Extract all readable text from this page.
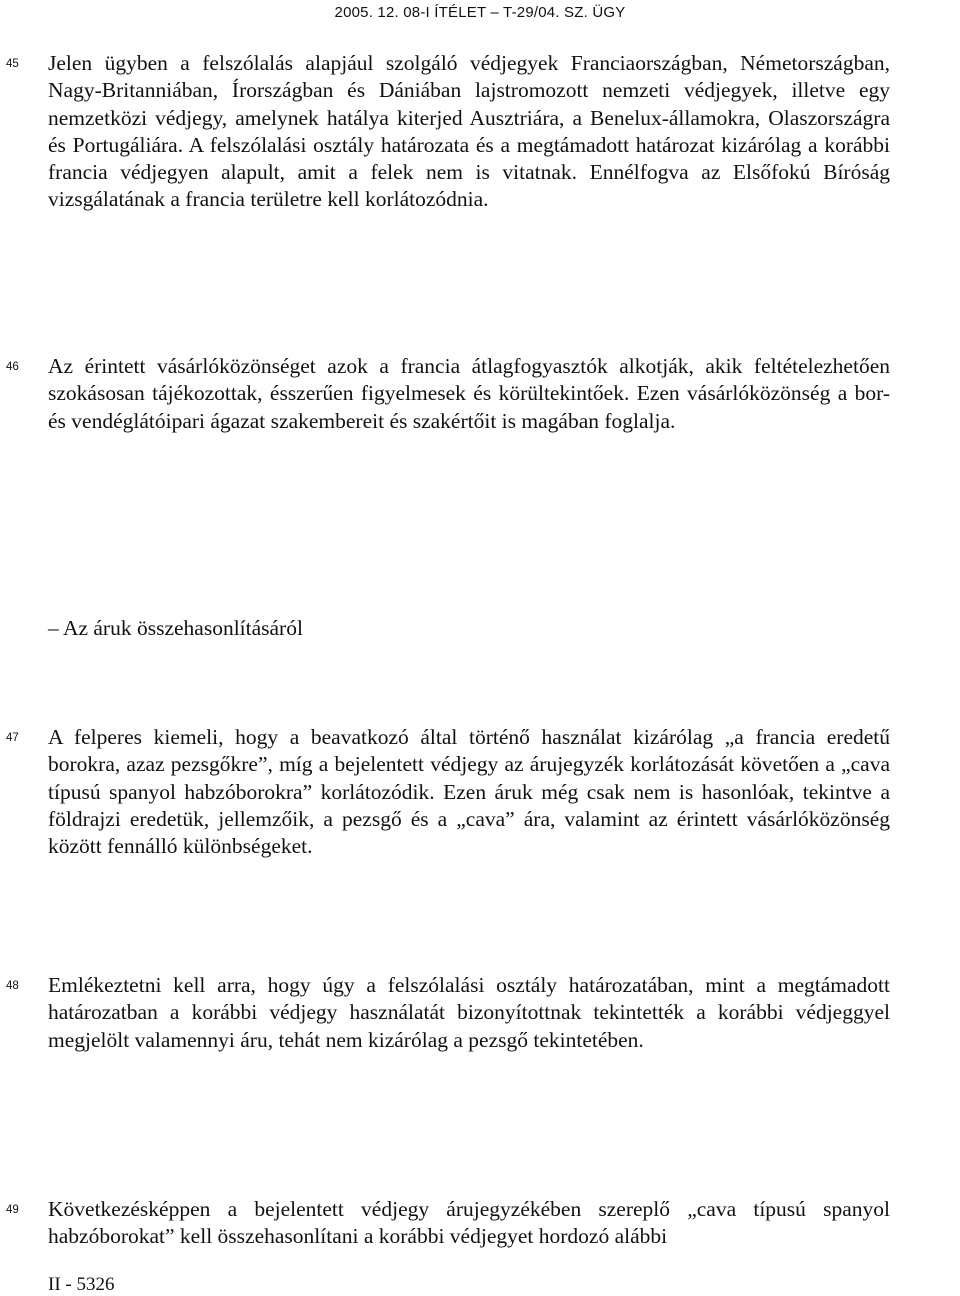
2005. 12. 08-I ÍTÉLET – T-29/04. SZ. ÜGY
45 Jelen ügyben a felszólalás alapjául szolgáló védjegyek Franciaországban, Németországban, Nagy-Britanniában, Írországban és Dániában lajstromozott nemzeti védjegyek, illetve egy nemzetközi védjegy, amelynek hatálya kiterjed Ausztriára, a Benelux-államokra, Olaszországra és Portugáliára. A felszólalási osztály határozata és a megtámadott határozat kizárólag a korábbi francia védjegyen alapult, amit a felek nem is vitatnak. Ennélfogva az Elsőfokú Bíróság vizsgálatának a francia területre kell korlátozódnia.
46 Az érintett vásárlóközönséget azok a francia átlagfogyasztók alkotják, akik feltételezhetően szokásosan tájékozottak, ésszerűen figyelmesek és körültekintőek. Ezen vásárlóközönség a bor- és vendéglátóipari ágazat szakembereit és szakértőit is magában foglalja.
– Az áruk összehasonlításáról
47 A felperes kiemeli, hogy a beavatkozó által történő használat kizárólag „a francia eredetű borokra, azaz pezsgőkre”, míg a bejelentett védjegy az árujegyzék korlátozását követően a „cava típusú spanyol habzóborokra” korlátozódik. Ezen áruk még csak nem is hasonlóak, tekintve a földrajzi eredetük, jellemzőik, a pezsgő és a „cava” ára, valamint az érintett vásárlóközönség között fennálló különbségeket.
48 Emlékeztetni kell arra, hogy úgy a felszólalási osztály határozatában, mint a megtámadott határozatban a korábbi védjegy használatát bizonyítottnak tekintették a korábbi védjeggyel megjelölt valamennyi áru, tehát nem kizárólag a pezsgő tekintetében.
49 Következésképpen a bejelentett védjegy árujegyzékében szereplő „cava típusú spanyol habzóborokat” kell összehasonlítani a korábbi védjegyet hordozó alábbi
II - 5326
